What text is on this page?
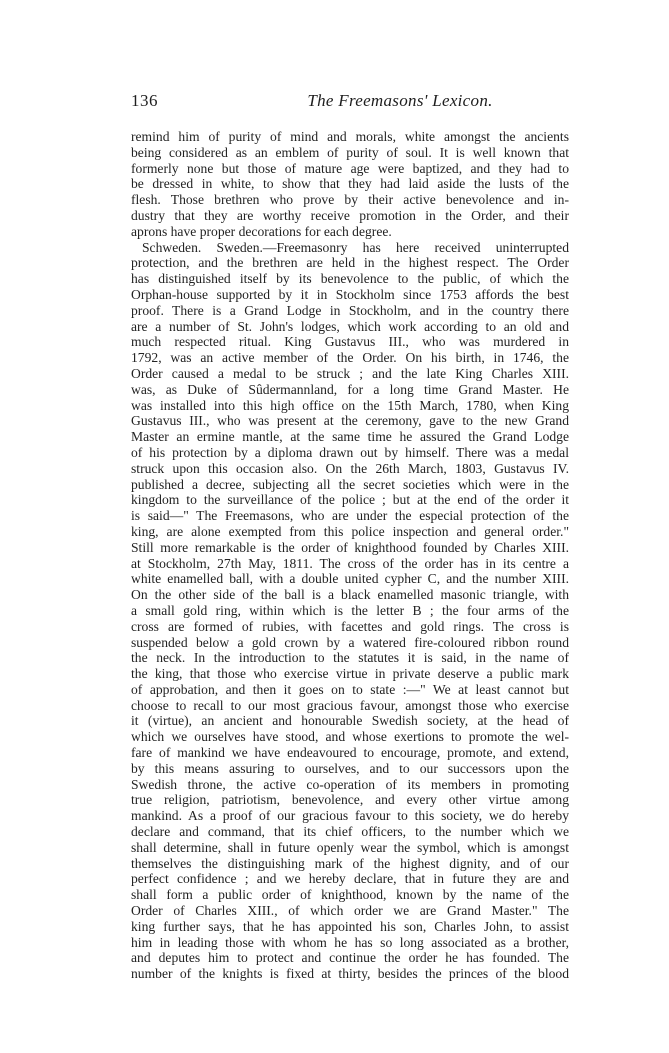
136	The Freemasons' Lexicon.
remind him of purity of mind and morals, white amongst the ancients
being considered as an emblem of purity of soul. It is well known that
formerly none but those of mature age were baptized, and they had to
be dressed in white, to show that they had laid aside the lusts of the
flesh. Those brethren who prove by their active benevolence and in-
dustry that they are worthy receive promotion in the Order, and their
aprons have proper decorations for each degree.
Schweden. Sweden.—Freemasonry has here received uninterrupted
protection, and the brethren are held in the highest respect. The Order
has distinguished itself by its benevolence to the public, of which the
Orphan-house supported by it in Stockholm since 1753 affords the best
proof. There is a Grand Lodge in Stockholm, and in the country there
are a number of St. John's lodges, which work according to an old and
much respected ritual. King Gustavus III., who was murdered in
1792, was an active member of the Order. On his birth, in 1746, the
Order caused a medal to be struck ; and the late King Charles XIII.
was, as Duke of Sûdermannland, for a long time Grand Master. He
was installed into this high office on the 15th March, 1780, when King
Gustavus III., who was present at the ceremony, gave to the new Grand
Master an ermine mantle, at the same time he assured the Grand Lodge
of his protection by a diploma drawn out by himself. There was a medal
struck upon this occasion also. On the 26th March, 1803, Gustavus IV.
published a decree, subjecting all the secret societies which were in the
kingdom to the surveillance of the police ; but at the end of the order it
is said—" The Freemasons, who are under the especial protection of the
king, are alone exempted from this police inspection and general order."
Still more remarkable is the order of knighthood founded by Charles XIII.
at Stockholm, 27th May, 1811. The cross of the order has in its centre a
white enamelled ball, with a double united cypher C, and the number XIII.
On the other side of the ball is a black enamelled masonic triangle, with
a small gold ring, within which is the letter B ; the four arms of the
cross are formed of rubies, with facettes and gold rings. The cross is
suspended below a gold crown by a watered fire-coloured ribbon round
the neck. In the introduction to the statutes it is said, in the name of
the king, that those who exercise virtue in private deserve a public mark
of approbation, and then it goes on to state :—" We at least cannot but
choose to recall to our most gracious favour, amongst those who exercise
it (virtue), an ancient and honourable Swedish society, at the head of
which we ourselves have stood, and whose exertions to promote the wel-
fare of mankind we have endeavoured to encourage, promote, and extend,
by this means assuring to ourselves, and to our successors upon the
Swedish throne, the active co-operation of its members in promoting
true religion, patriotism, benevolence, and every other virtue among
mankind. As a proof of our gracious favour to this society, we do hereby
declare and command, that its chief officers, to the number which we
shall determine, shall in future openly wear the symbol, which is amongst
themselves the distinguishing mark of the highest dignity, and of our
perfect confidence ; and we hereby declare, that in future they are and
shall form a public order of knighthood, known by the name of the
Order of Charles XIII., of which order we are Grand Master." The
king further says, that he has appointed his son, Charles John, to assist
him in leading those with whom he has so long associated as a brother,
and deputes him to protect and continue the order he has founded. The
number of the knights is fixed at thirty, besides the princes of the blood
